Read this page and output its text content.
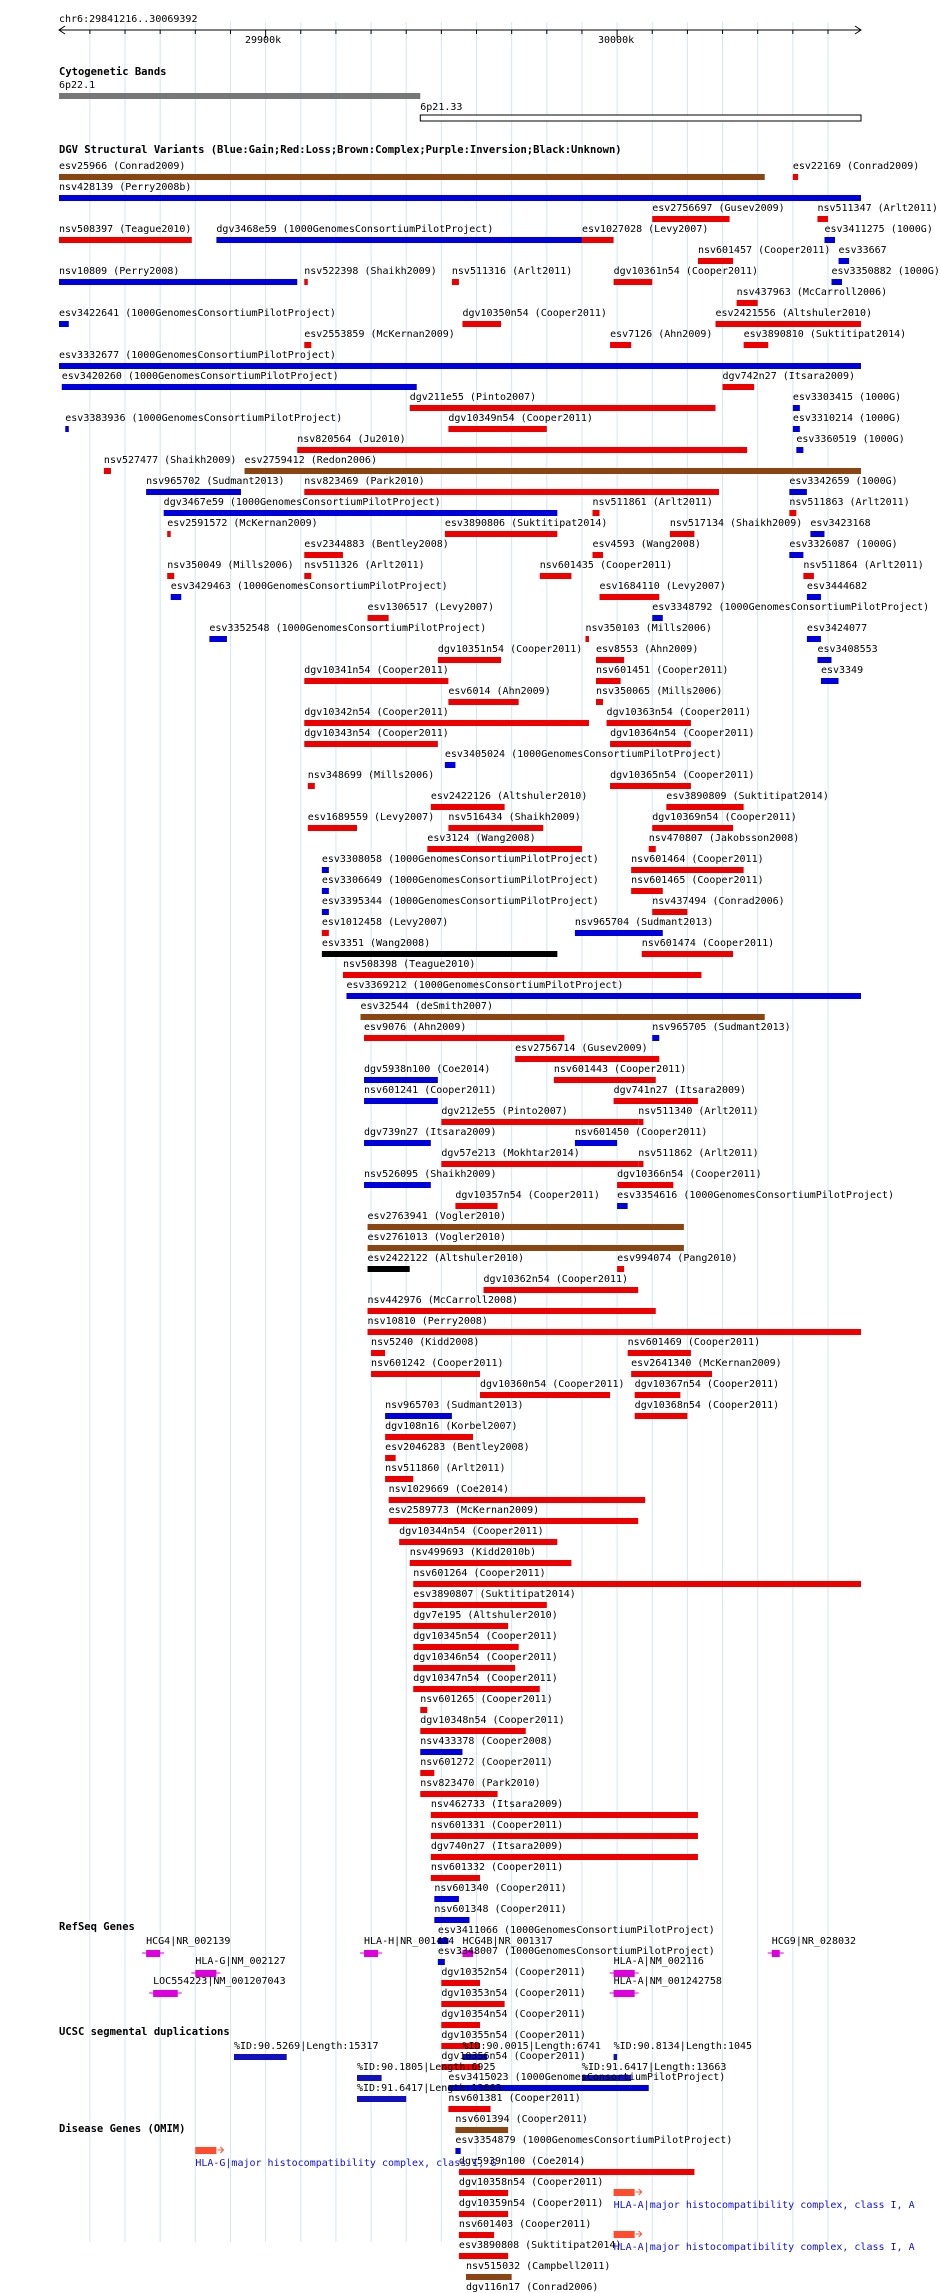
chr6:29841216..30069392
29900k	30000k
Cytogenetic Bands
DGV Structural Variants (Blue:Gain;Red:Loss;Brown:Complex;Purple:Inversion;Black:Unknown)
RefSeq Genes
UCSC segmental duplications
Disease Genes (OMIM)
6p22.1
6p21.33
esv25966 (Conrad2009)	esv22169 (Conrad2009)
nsv428139 (Perry2008b)
esv2756697 (Gusev2009)	nsv511347 (Arlt2011)
nsv508397 (Teague2010) dgv3468e59 (1000GenomesConsortiumPilotProject)	esv1027028 (Levy2007)
nsv601457 (Cooper2011)
esv3411275 (1000G)
nsv10809 (Perry2008)	nsv522398 (Shaikh2009) nsv511316 (Arlt2011)	dgv10361n54 (Cooper2011)
nsv437963 (McCarroll2006)
esv3422641 (1000GenomesConsortiumPilotProject)
esv2553859 (McKernan2009)
dgv10350n54 (Cooper2011)
esv7126 (Ahn2009)
esv3350882 (1000G)
esv3332677 (1000GenomesConsortiumPilotProject)
esv3420260 (1000GenomesConsortiumPilotProject)
dgv211e55 (Pinto2007)
esv2421556 (Altshuler2010)
esv3383936 (1000GenomesConsortiumPilotProject)
nsv820564 (Ju2010)
esv3890810 (Suktitipat2014)
nsv527477 (Shaikh2009) esv2759412 (Redon2006)
nsv965702 (Sudmant2013) nsv823469 (Park2010)
dgv742n27 (Itsara2009)
dgv3467e59 (1000GenomesConsortiumPilotProject)
esv3303415 (1000G)
esv2591572 (McKernan2009)
esv2344883 (Bentley2008)
dgv10349n54 (Cooper2011)
nsv511861 (Arlt2011)
esv3310214 (1000G)
nsv350049 (Mills2006) nsv511326 (Arlt2011)
esv3890806 (Suktitipat2014)
esv4593 (Wang2008)
esv3360519 (1000G)
esv3429463 (1000GenomesConsortiumPilotProject)
esv1306517 (Levy2007)
nsv601435 (Cooper2011)
nsv517134 (Shaikh2009)
esv33667
esv3352548 (1000GenomesConsortiumPilotProject)
dgv10351n54 (Cooper2011)
esv1684110 (Levy2007)
esv3342659 (1000G)
dgv10341n54 (Cooper2011)
esv6014 (Ahn2009)
esv3348792 (1000GenomesConsortiumPilotProject)
dgv10342n54 (Cooper2011)
nsv350103 (Mills2006)
nsv511863 (Arlt2011)
dgv10343n54 (Cooper2011)
esv3405024 (1000GenomesConsortiumPilotProject)
esv3326087 (1000G)
nsv348699 (Mills2006)
esv2422126 (Altshuler2010)
esv8553 (Ahn2009)
nsv511864 (Arlt2011)
esv1689559 (Levy2007)
esv3124 (Wang2008)
nsv601451 (Cooper2011)
esv3444682
esv3308058 (1000GenomesConsortiumPilotProject)
nsv350065 (Mills2006)
esv3424077
esv3306649 (1000GenomesConsortiumPilotProject)
dgv10363n54 (Cooper2011)
esv3423168
esv3395344 (1000GenomesConsortiumPilotProject)
dgv10364n54 (Cooper2011)
esv3408553
esv1012458 (Levy2007)
dgv10365n54 (Cooper2011)
esv3349
esv3351 (Wang2008)
nsv516434 (Shaikh2009)
nsv965704 (Sudmant2013)
nsv508398 (Teague2010)
esv3369212 (1000GenomesConsortiumPilotProject)
esv32544 (deSmith2007)
esv9076 (Ahn2009)
esv2756714 (Gusev2009)
esv3890809 (Suktitipat2014)
dgv5938n100 (Coe2014)	nsv601443 (Cooper2011)
dgv10369n54 (Cooper2011)
nsv601241 (Cooper2011)
dgv212e55 (Pinto2007)
nsv470807 (Jakobsson2008)
dgv739n27 (Itsara2009)
dgv57e213 (Mokhtar2014)
nsv601464 (Cooper2011)
nsv526095 (Shaikh2009)
dgv10357n54 (Cooper2011)
nsv601465 (Cooper2011)
esv2763941 (Vogler2010)
nsv437494 (Conrad2006)
esv2761013 (Vogler2010)
esv2422122 (Altshuler2010)
dgv10362n54 (Cooper2011)
nsv601474 (Cooper2011)
nsv442976 (McCarroll2008)
nsv965705 (Sudmant2013)
nsv10810 (Perry2008)
nsv5240 (Kidd2008)
nsv601242 (Cooper2011)
dgv10360n54 (Cooper2011)
dgv741n27 (Itsara2009)
nsv965703 (Sudmant2013)
nsv601450 (Cooper2011)
dgv108n16 (Korbel2007)
dgv10366n54 (Cooper2011)
esv2046283 (Bentley2008)
esv3354616 (1000GenomesConsortiumPilotProject)
nsv511860 (Arlt2011)
esv994074 (Pang2010)
nsv1029669 (Coe2014)
nsv601469 (Cooper2011)
esv2589773 (McKernan2009)
esv2641340 (McKernan2009)
dgv10344n54 (Cooper2011)
dgv10367n54 (Cooper2011)
nsv499693 (Kidd2010b)
dgv10368n54 (Cooper2011)
nsv601264 (Cooper2011)
esv3890807 (Suktitipat2014)
nsv511340 (Arlt2011)
dgv7e195 (Altshuler2010)
nsv511862 (Arlt2011)
dgv10345n54 (Cooper2011)
dgv10346n54 (Cooper2011)
dgv10347n54 (Cooper2011)
nsv601265 (Cooper2011)
dgv10348n54 (Cooper2011)
nsv433378 (Cooper2008)
nsv601272 (Cooper2011)
nsv823470 (Park2010)
nsv462733 (Itsara2009)
nsv601331 (Cooper2011)
dgv740n27 (Itsara2009)
nsv601332 (Cooper2011)
nsv601340 (Cooper2011)
nsv601348 (Cooper2011)
esv3411066 (1000GenomesConsortiumPilotProject)
esv3348007 (1000GenomesConsortiumPilotProject)
dgv10352n54 (Cooper2011)
dgv10353n54 (Cooper2011)
dgv10354n54 (Cooper2011)
dgv10355n54 (Cooper2011)
dgv10356n54 (Cooper2011)
esv3415023 (1000GenomesConsortiumPilotProject)
nsv601381 (Cooper2011)
nsv601394 (Cooper2011)
esv3354879 (1000GenomesConsortiumPilotProject)
dgv5939n100 (Coe2014)
dgv10358n54 (Cooper2011)
dgv10359n54 (Cooper2011)
nsv601403 (Cooper2011)
esv3890808 (Suktitipat2014)
nsv515032 (Campbell2011)
dgv116n17 (Conrad2006)
HCG4|NR_002139
HLA-G|NM_002127
LOC554223|NM_001207043
HLA-H|NR_001434 HCG4B|NR_001317	HCG9|NR_028032
HLA-A|NM_002116
HLA-A|NM_001242758
%ID:90.5269|Length:15317
%ID:90.1805|Length:6925
%ID:90.0015|Length:6741
%ID:91.6417|Length:13663
%ID:91.6417|Length:13663
%ID:90.8134|Length:1045
HLA-G|major histocompatibility complex, class I, G
HLA-A|major histocompatibility complex, class I, A
HLA-A|major histocompatibility complex, class I, A
